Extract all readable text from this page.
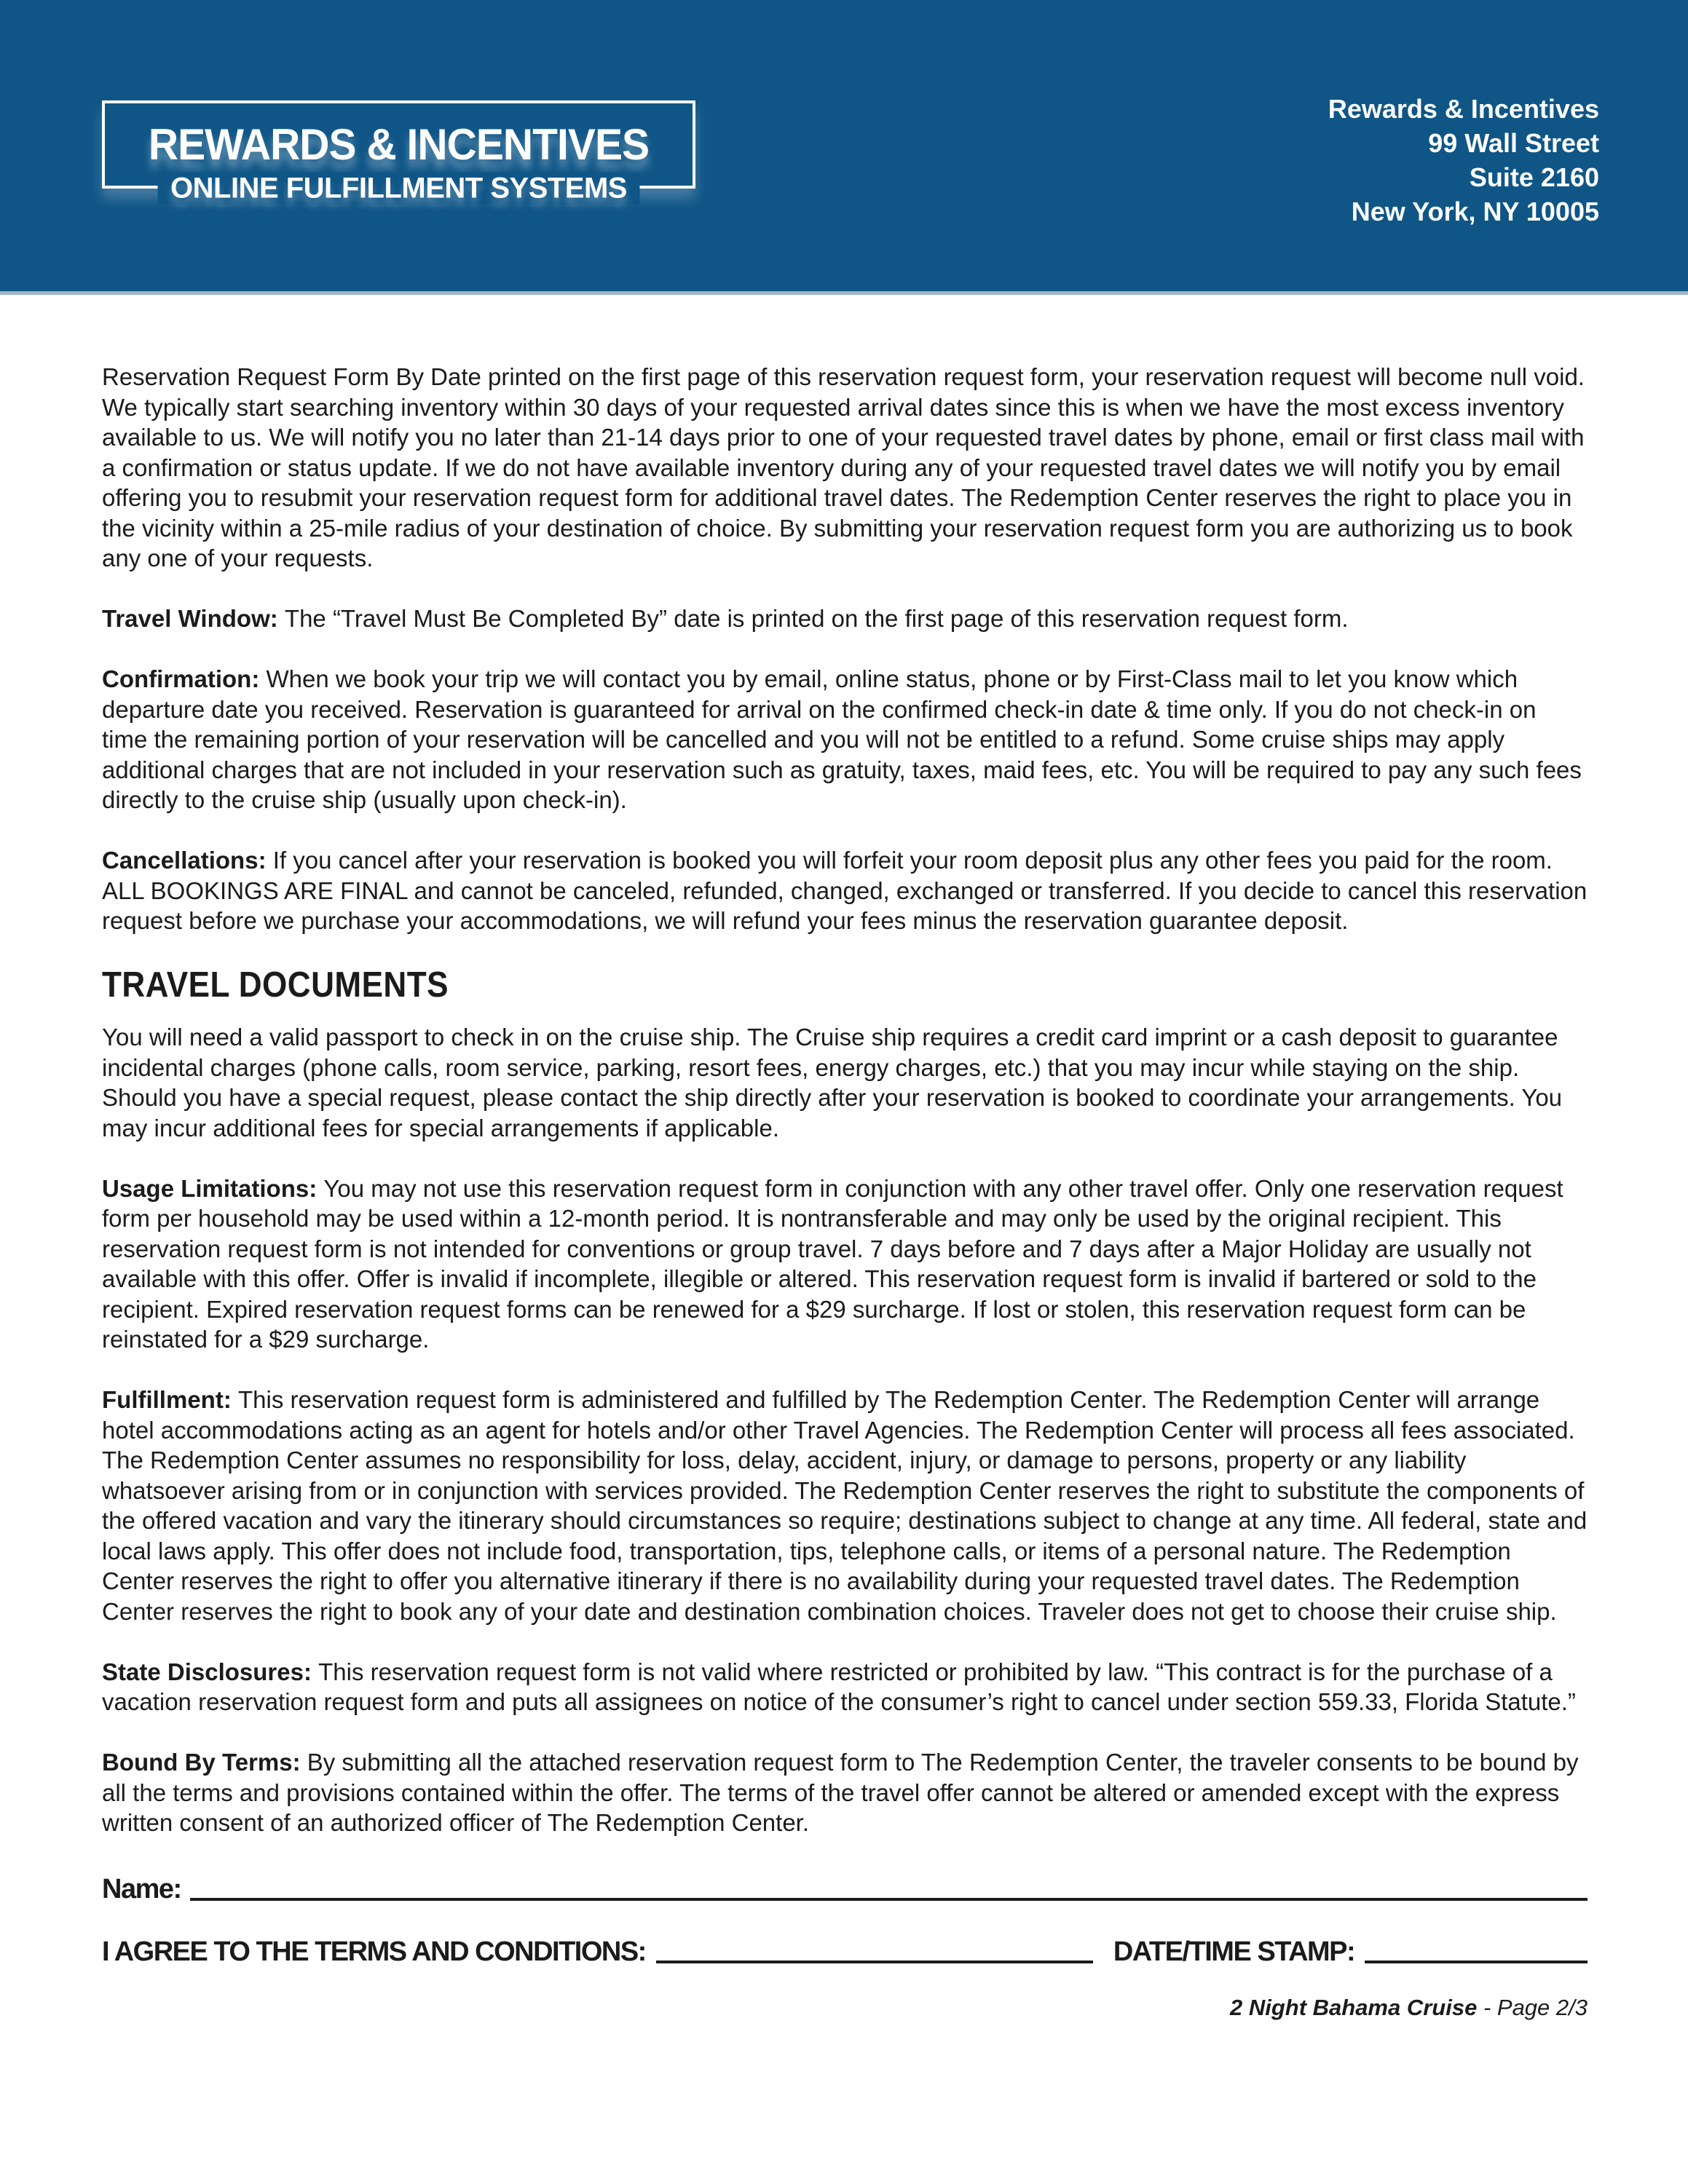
REWARDS & INCENTIVES
ONLINE FULFILLMENT SYSTEMS
Rewards & Incentives
99 Wall Street
Suite 2160
New York, NY 10005

Reservation Request Form By Date printed on the first page of this reservation request form, your reservation request will become null void. We typically start searching inventory within 30 days of your requested arrival dates since this is when we have the most excess inventory available to us. We will notify you no later than 21-14 days prior to one of your requested travel dates by phone, email or first class mail with a confirmation or status update. If we do not have available inventory during any of your requested travel dates we will notify you by email offering you to resubmit your reservation request form for additional travel dates. The Redemption Center reserves the right to place you in the vicinity within a 25-mile radius of your destination of choice. By submitting your reservation request form you are authorizing us to book any one of your requests.

Travel Window: The “Travel Must Be Completed By” date is printed on the first page of this reservation request form.

Confirmation: When we book your trip we will contact you by email, online status, phone or by First-Class mail to let you know which departure date you received. Reservation is guaranteed for arrival on the confirmed check-in date & time only. If you do not check-in on time the remaining portion of your reservation will be cancelled and you will not be entitled to a refund. Some cruise ships may apply additional charges that are not included in your reservation such as gratuity, taxes, maid fees, etc. You will be required to pay any such fees directly to the cruise ship (usually upon check-in).

Cancellations: If you cancel after your reservation is booked you will forfeit your room deposit plus any other fees you paid for the room. ALL BOOKINGS ARE FINAL and cannot be canceled, refunded, changed, exchanged or transferred. If you decide to cancel this reservation request before we purchase your accommodations, we will refund your fees minus the reservation guarantee deposit.

TRAVEL DOCUMENTS

You will need a valid passport to check in on the cruise ship. The Cruise ship requires a credit card imprint or a cash deposit to guarantee incidental charges (phone calls, room service, parking, resort fees, energy charges, etc.) that you may incur while staying on the ship. Should you have a special request, please contact the ship directly after your reservation is booked to coordinate your arrangements. You may incur additional fees for special arrangements if applicable.

Usage Limitations: You may not use this reservation request form in conjunction with any other travel offer. Only one reservation request form per household may be used within a 12-month period. It is nontransferable and may only be used by the original recipient. This reservation request form is not intended for conventions or group travel. 7 days before and 7 days after a Major Holiday are usually not available with this offer. Offer is invalid if incomplete, illegible or altered. This reservation request form is invalid if bartered or sold to the recipient. Expired reservation request forms can be renewed for a $29 surcharge. If lost or stolen, this reservation request form can be reinstated for a $29 surcharge.

Fulfillment: This reservation request form is administered and fulfilled by The Redemption Center. The Redemption Center will arrange hotel accommodations acting as an agent for hotels and/or other Travel Agencies. The Redemption Center will process all fees associated. The Redemption Center assumes no responsibility for loss, delay, accident, injury, or damage to persons, property or any liability whatsoever arising from or in conjunction with services provided. The Redemption Center reserves the right to substitute the components of the offered vacation and vary the itinerary should circumstances so require; destinations subject to change at any time. All federal, state and local laws apply. This offer does not include food, transportation, tips, telephone calls, or items of a personal nature. The Redemption Center reserves the right to offer you alternative itinerary if there is no availability during your requested travel dates. The Redemption Center reserves the right to book any of your date and destination combination choices. Traveler does not get to choose their cruise ship.

State Disclosures: This reservation request form is not valid where restricted or prohibited by law. “This contract is for the purchase of a vacation reservation request form and puts all assignees on notice of the consumer’s right to cancel under section 559.33, Florida Statute.”

Bound By Terms: By submitting all the attached reservation request form to The Redemption Center, the traveler consents to be bound by all the terms and provisions contained within the offer. The terms of the travel offer cannot be altered or amended except with the express written consent of an authorized officer of The Redemption Center.

Name:
I AGREE TO THE TERMS AND CONDITIONS:	DATE/TIME STAMP:
2 Night Bahama Cruise - Page 2/3
